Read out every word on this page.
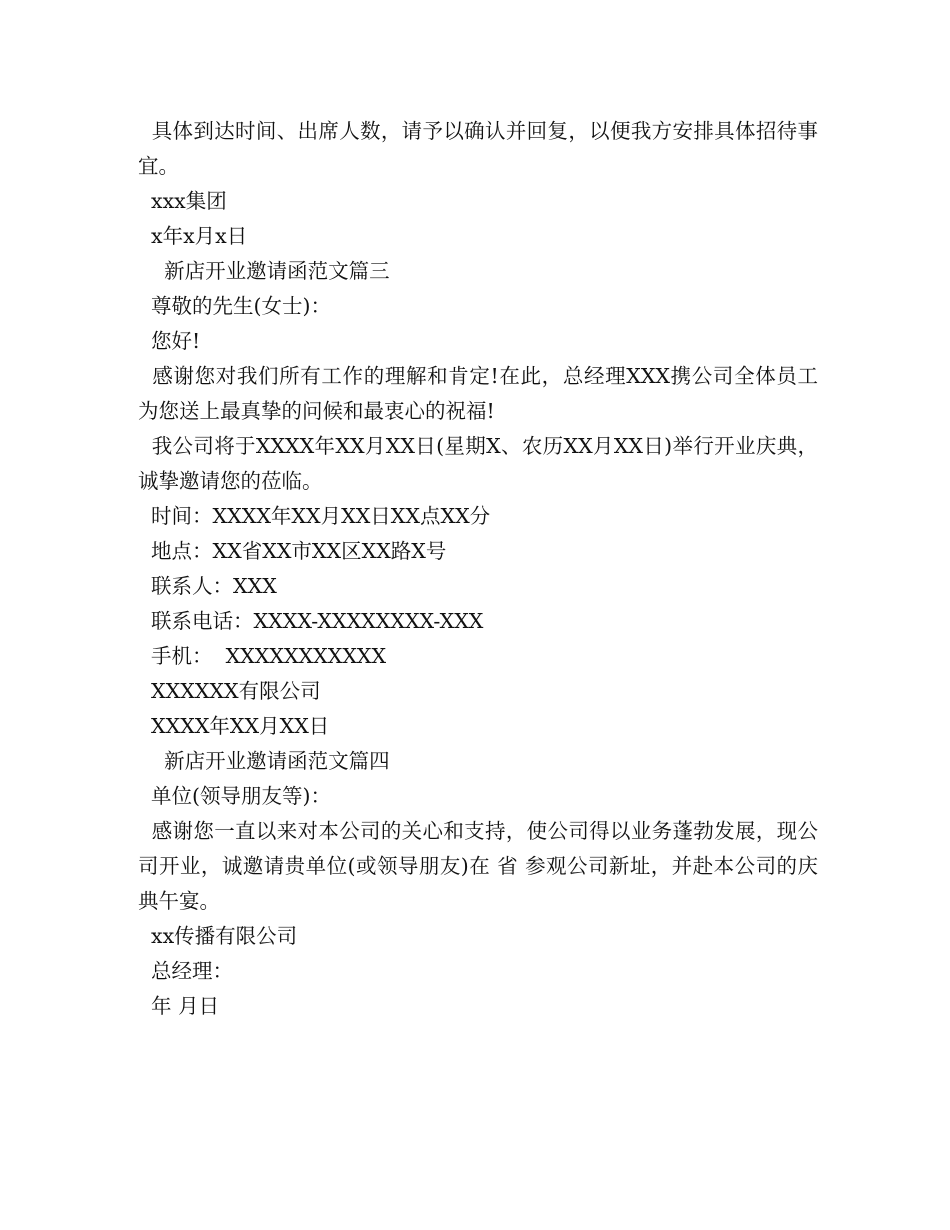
具体到达时间、出席人数，请予以确认并回复，以便我方安排具体招待事宜。

xxx集团

x年x月x日

新店开业邀请函范文篇三

尊敬的先生(女士)：

您好!

感谢您对我们所有工作的理解和肯定!在此，总经理XXX携公司全体员工为您送上最真挚的问候和最衷心的祝福!

我公司将于XXXX年XX月XX日(星期X、农历XX月XX日)举行开业庆典，诚挚邀请您的莅临。

时间：XXXX年XX月XX日XX点XX分

地点：XX省XX市XX区XX路X号

联系人：XXX

联系电话：XXXX-XXXXXXXX-XXX

手机：  XXXXXXXXXXX

XXXXXX有限公司

XXXX年XX月XX日

新店开业邀请函范文篇四

单位(领导朋友等)：

感谢您一直以来对本公司的关心和支持，使公司得以业务蓬勃发展，现公司开业，诚邀请贵单位(或领导朋友)在 省 参观公司新址，并赴本公司的庆典午宴。

xx传播有限公司

总经理：

年 月日
